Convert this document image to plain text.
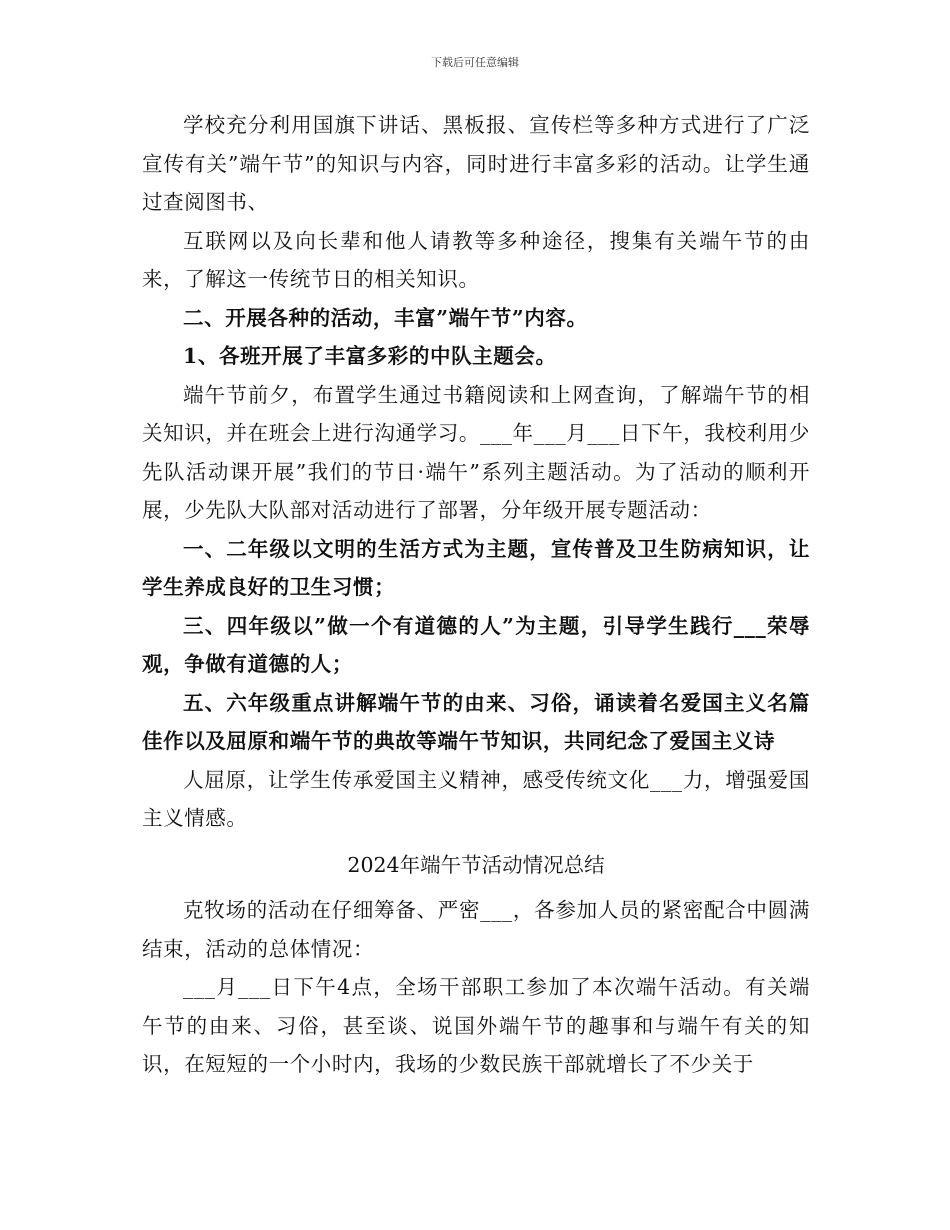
下载后可任意编辑

学校充分利用国旗下讲话、黑板报、宣传栏等多种方式进行了广泛宣传有关”端午节”的知识与内容，同时进行丰富多彩的活动。让学生通过查阅图书、

互联网以及向长辈和他人请教等多种途径，搜集有关端午节的由来，了解这一传统节日的相关知识。

二、开展各种的活动，丰富”端午节”内容。

1、各班开展了丰富多彩的中队主题会。

端午节前夕，布置学生通过书籍阅读和上网查询，了解端午节的相关知识，并在班会上进行沟通学习。___年___月___日下午，我校利用少先队活动课开展”我们的节日·端午”系列主题活动。为了活动的顺利开展，少先队大队部对活动进行了部署，分年级开展专题活动：

一、二年级以文明的生活方式为主题，宣传普及卫生防病知识，让学生养成良好的卫生习惯；

三、四年级以”做一个有道德的人”为主题，引导学生践行___荣辱观，争做有道德的人；

五、六年级重点讲解端午节的由来、习俗，诵读着名爱国主义名篇佳作以及屈原和端午节的典故等端午节知识，共同纪念了爱国主义诗

人屈原，让学生传承爱国主义精神，感受传统文化___力，增强爱国主义情感。

2024年端午节活动情况总结

克牧场的活动在仔细筹备、严密___，各参加人员的紧密配合中圆满结束，活动的总体情况：

___月___日下午4点，全场干部职工参加了本次端午活动。有关端午节的由来、习俗，甚至谈、说国外端午节的趣事和与端午有关的知识，在短短的一个小时内，我场的少数民族干部就增长了不少关于
